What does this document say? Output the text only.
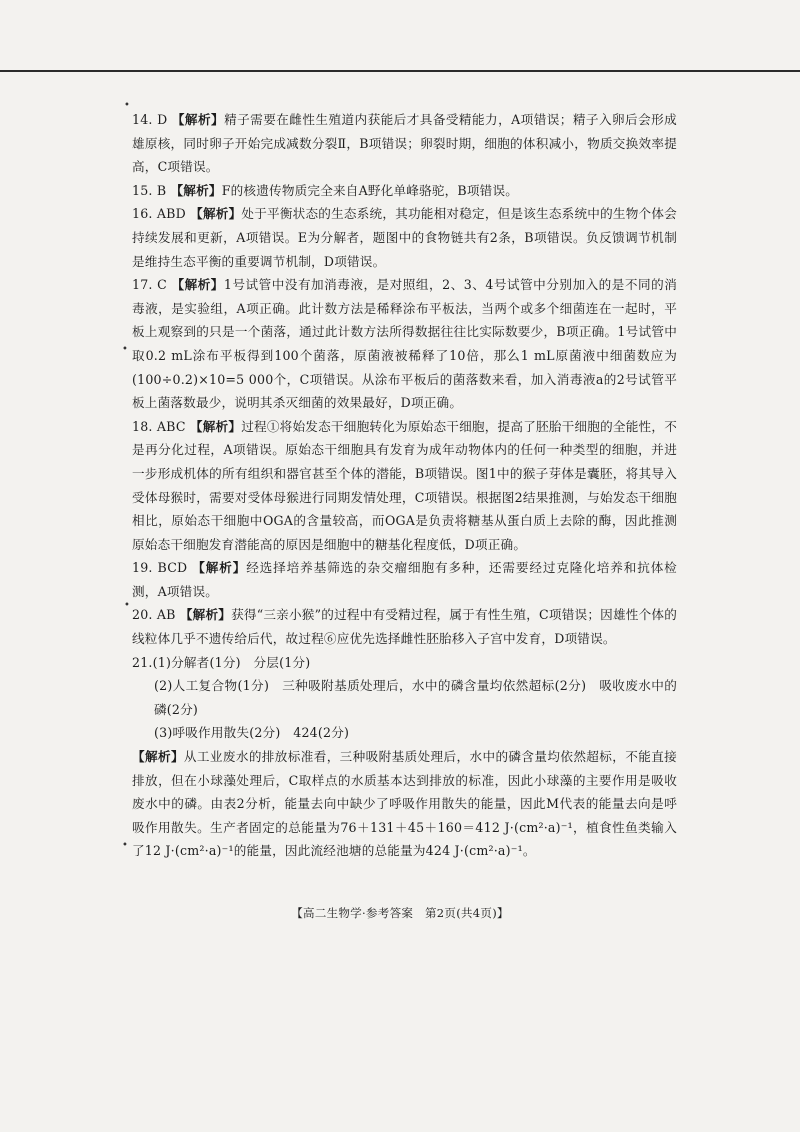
14. D 【解析】精子需要在雌性生殖道内获能后才具备受精能力，A项错误；精子入卵后会形成雄原核，同时卵子开始完成减数分裂Ⅱ，B项错误；卵裂时期，细胞的体积减小，物质交换效率提高，C项错误。

15. B 【解析】F的核遗传物质完全来自A野化单峰骆驼，B项错误。

16. ABD 【解析】处于平衡状态的生态系统，其功能相对稳定，但是该生态系统中的生物个体会持续发展和更新，A项错误。E为分解者，题图中的食物链共有2条，B项错误。负反馈调节机制是维持生态平衡的重要调节机制，D项错误。

17. C 【解析】1号试管中没有加消毒液，是对照组，2、3、4号试管中分别加入的是不同的消毒液，是实验组，A项正确。此计数方法是稀释涂布平板法，当两个或多个细菌连在一起时，平板上观察到的只是一个菌落，通过此计数方法所得数据往往比实际数要少，B项正确。1号试管中取0.2 mL涂布平板得到100个菌落，原菌液被稀释了10倍，那么1 mL原菌液中细菌数应为(100÷0.2)×10=5 000个，C项错误。从涂布平板后的菌落数来看，加入消毒液a的2号试管平板上菌落数最少，说明其杀灭细菌的效果最好，D项正确。

18. ABC 【解析】过程①将始发态干细胞转化为原始态干细胞，提高了胚胎干细胞的全能性，不是再分化过程，A项错误。原始态干细胞具有发育为成年动物体内的任何一种类型的细胞，并进一步形成机体的所有组织和器官甚至个体的潜能，B项错误。图1中的猴子芽体是囊胚，将其导入受体母猴时，需要对受体母猴进行同期发情处理，C项错误。根据图2结果推测，与始发态干细胞相比，原始态干细胞中OGA的含量较高，而OGA是负责将糖基从蛋白质上去除的酶，因此推测原始态干细胞发育潜能高的原因是细胞中的糖基化程度低，D项正确。

19. BCD 【解析】经选择培养基筛选的杂交瘤细胞有多种，还需要经过克隆化培养和抗体检测，A项错误。

20. AB 【解析】获得“三亲小猴”的过程中有受精过程，属于有性生殖，C项错误；因雄性个体的线粒体几乎不遗传给后代，故过程⑥应优先选择雌性胚胎移入子宫中发育，D项错误。

21.(1)分解者(1分)　分层(1分)
(2)人工复合物(1分)　三种吸附基质处理后，水中的磷含量均依然超标(2分)　吸收废水中的磷(2分)
(3)呼吸作用散失(2分)　424(2分)
【解析】从工业废水的排放标准看，三种吸附基质处理后，水中的磷含量均依然超标，不能直接排放，但在小球藻处理后，C取样点的水质基本达到排放的标准，因此小球藻的主要作用是吸收废水中的磷。由表2分析，能量去向中缺少了呼吸作用散失的能量，因此M代表的能量去向是呼吸作用散失。生产者固定的总能量为76＋131＋45＋160＝412 J·(cm²·a)⁻¹，植食性鱼类输入了12 J·(cm²·a)⁻¹的能量，因此流经池塘的总能量为424 J·(cm²·a)⁻¹。
•
•
•
•
【高二生物学·参考答案　第2页(共4页)】
